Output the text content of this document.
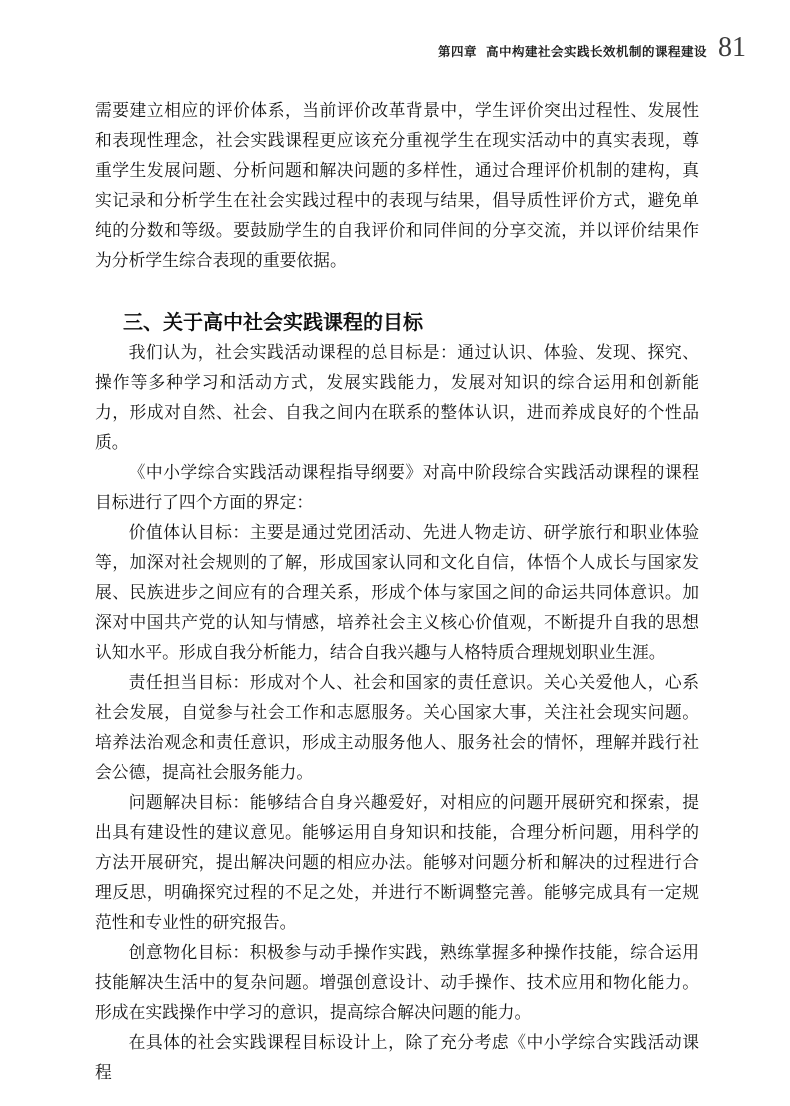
第四章 高中构建社会实践长效机制的课程建设 81

需要建立相应的评价体系，当前评价改革背景中，学生评价突出过程性、发展性和表现性理念，社会实践课程更应该充分重视学生在现实活动中的真实表现，尊重学生发展问题、分析问题和解决问题的多样性，通过合理评价机制的建构，真实记录和分析学生在社会实践过程中的表现与结果，倡导质性评价方式，避免单纯的分数和等级。要鼓励学生的自我评价和同伴间的分享交流，并以评价结果作为分析学生综合表现的重要依据。

三、关于高中社会实践课程的目标

我们认为，社会实践活动课程的总目标是：通过认识、体验、发现、探究、操作等多种学习和活动方式，发展实践能力，发展对知识的综合运用和创新能力，形成对自然、社会、自我之间内在联系的整体认识，进而养成良好的个性品质。

《中小学综合实践活动课程指导纲要》对高中阶段综合实践活动课程的课程目标进行了四个方面的界定：

价值体认目标：主要是通过党团活动、先进人物走访、研学旅行和职业体验等，加深对社会规则的了解，形成国家认同和文化自信，体悟个人成长与国家发展、民族进步之间应有的合理关系，形成个体与家国之间的命运共同体意识。加深对中国共产党的认知与情感，培养社会主义核心价值观，不断提升自我的思想认知水平。形成自我分析能力，结合自我兴趣与人格特质合理规划职业生涯。

责任担当目标：形成对个人、社会和国家的责任意识。关心关爱他人，心系社会发展，自觉参与社会工作和志愿服务。关心国家大事，关注社会现实问题。培养法治观念和责任意识，形成主动服务他人、服务社会的情怀，理解并践行社会公德，提高社会服务能力。

问题解决目标：能够结合自身兴趣爱好，对相应的问题开展研究和探索，提出具有建设性的建议意见。能够运用自身知识和技能，合理分析问题，用科学的方法开展研究，提出解决问题的相应办法。能够对问题分析和解决的过程进行合理反思，明确探究过程的不足之处，并进行不断调整完善。能够完成具有一定规范性和专业性的研究报告。

创意物化目标：积极参与动手操作实践，熟练掌握多种操作技能，综合运用技能解决生活中的复杂问题。增强创意设计、动手操作、技术应用和物化能力。形成在实践操作中学习的意识，提高综合解决问题的能力。

在具体的社会实践课程目标设计上，除了充分考虑《中小学综合实践活动课程
